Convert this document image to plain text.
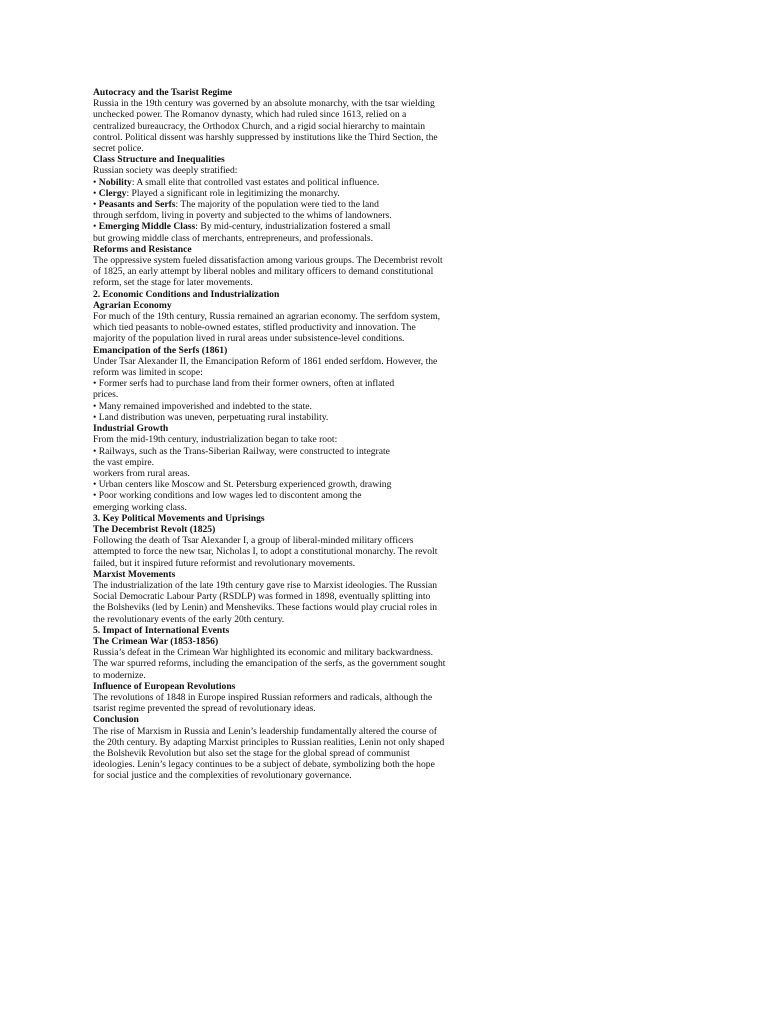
Autocracy and the Tsarist Regime
Russia in the 19th century was governed by an absolute monarchy, with the tsar wielding
unchecked power. The Romanov dynasty, which had ruled since 1613, relied on a
centralized bureaucracy, the Orthodox Church, and a rigid social hierarchy to maintain
control. Political dissent was harshly suppressed by institutions like the Third Section, the
secret police.
Class Structure and Inequalities
Russian society was deeply stratified:
• Nobility: A small elite that controlled vast estates and political influence.
• Clergy: Played a significant role in legitimizing the monarchy.
• Peasants and Serfs: The majority of the population were tied to the land
through serfdom, living in poverty and subjected to the whims of landowners.
• Emerging Middle Class: By mid-century, industrialization fostered a small
but growing middle class of merchants, entrepreneurs, and professionals.
Reforms and Resistance
The oppressive system fueled dissatisfaction among various groups. The Decembrist revolt
of 1825, an early attempt by liberal nobles and military officers to demand constitutional
reform, set the stage for later movements.
2. Economic Conditions and Industrialization
Agrarian Economy
For much of the 19th century, Russia remained an agrarian economy. The serfdom system,
which tied peasants to noble-owned estates, stifled productivity and innovation. The
majority of the population lived in rural areas under subsistence-level conditions.
Emancipation of the Serfs (1861)
Under Tsar Alexander II, the Emancipation Reform of 1861 ended serfdom. However, the
reform was limited in scope:
• Former serfs had to purchase land from their former owners, often at inflated
prices.
• Many remained impoverished and indebted to the state.
• Land distribution was uneven, perpetuating rural instability.
Industrial Growth
From the mid-19th century, industrialization began to take root:
• Railways, such as the Trans-Siberian Railway, were constructed to integrate
the vast empire.
workers from rural areas.
• Urban centers like Moscow and St. Petersburg experienced growth, drawing
• Poor working conditions and low wages led to discontent among the
emerging working class.
3. Key Political Movements and Uprisings
The Decembrist Revolt (1825)
Following the death of Tsar Alexander I, a group of liberal-minded military officers
attempted to force the new tsar, Nicholas I, to adopt a constitutional monarchy. The revolt
failed, but it inspired future reformist and revolutionary movements.
Marxist Movements
The industrialization of the late 19th century gave rise to Marxist ideologies. The Russian
Social Democratic Labour Party (RSDLP) was formed in 1898, eventually splitting into
the Bolsheviks (led by Lenin) and Mensheviks. These factions would play crucial roles in
the revolutionary events of the early 20th century.
5. Impact of International Events
The Crimean War (1853-1856)
Russia’s defeat in the Crimean War highlighted its economic and military backwardness.
The war spurred reforms, including the emancipation of the serfs, as the government sought
to modernize.
Influence of European Revolutions
The revolutions of 1848 in Europe inspired Russian reformers and radicals, although the
tsarist regime prevented the spread of revolutionary ideas.
Conclusion
The rise of Marxism in Russia and Lenin’s leadership fundamentally altered the course of
the 20th century. By adapting Marxist principles to Russian realities, Lenin not only shaped
the Bolshevik Revolution but also set the stage for the global spread of communist
ideologies. Lenin’s legacy continues to be a subject of debate, symbolizing both the hope
for social justice and the complexities of revolutionary governance.
